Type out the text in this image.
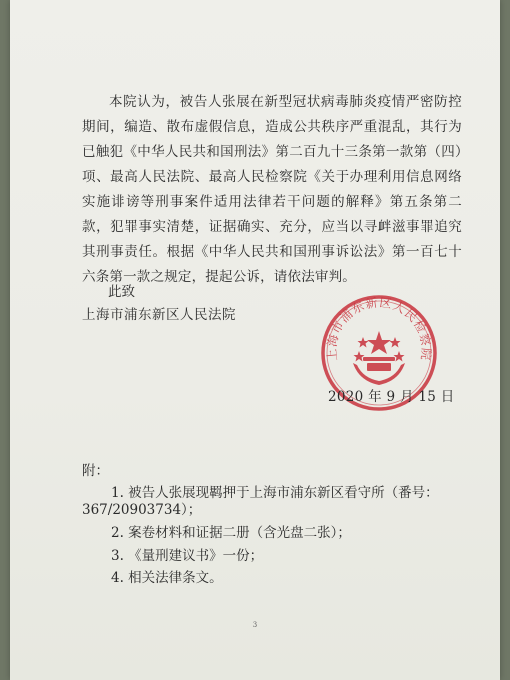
本院认为，被告人张展在新型冠状病毒肺炎疫情严密防控期间，编造、散布虚假信息，造成公共秩序严重混乱，其行为已触犯《中华人民共和国刑法》第二百九十三条第一款第（四）项、最高人民法院、最高人民检察院《关于办理利用信息网络实施诽谤等刑事案件适用法律若干问题的解释》第五条第二款，犯罪事实清楚，证据确实、充分，应当以寻衅滋事罪追究其刑事责任。根据《中华人民共和国刑事诉讼法》第一百七十六条第一款之规定，提起公诉，请依法审判。

此致
上海市浦东新区人民法院
上海市浦东新区人民检察院
2020 年 9 月 15 日
附：
1. 被告人张展现羁押于上海市浦东新区看守所（番号：
367/20903734）；
2. 案卷材料和证据二册（含光盘二张）；
3. 《量刑建议书》一份；
4. 相关法律条文。
3
